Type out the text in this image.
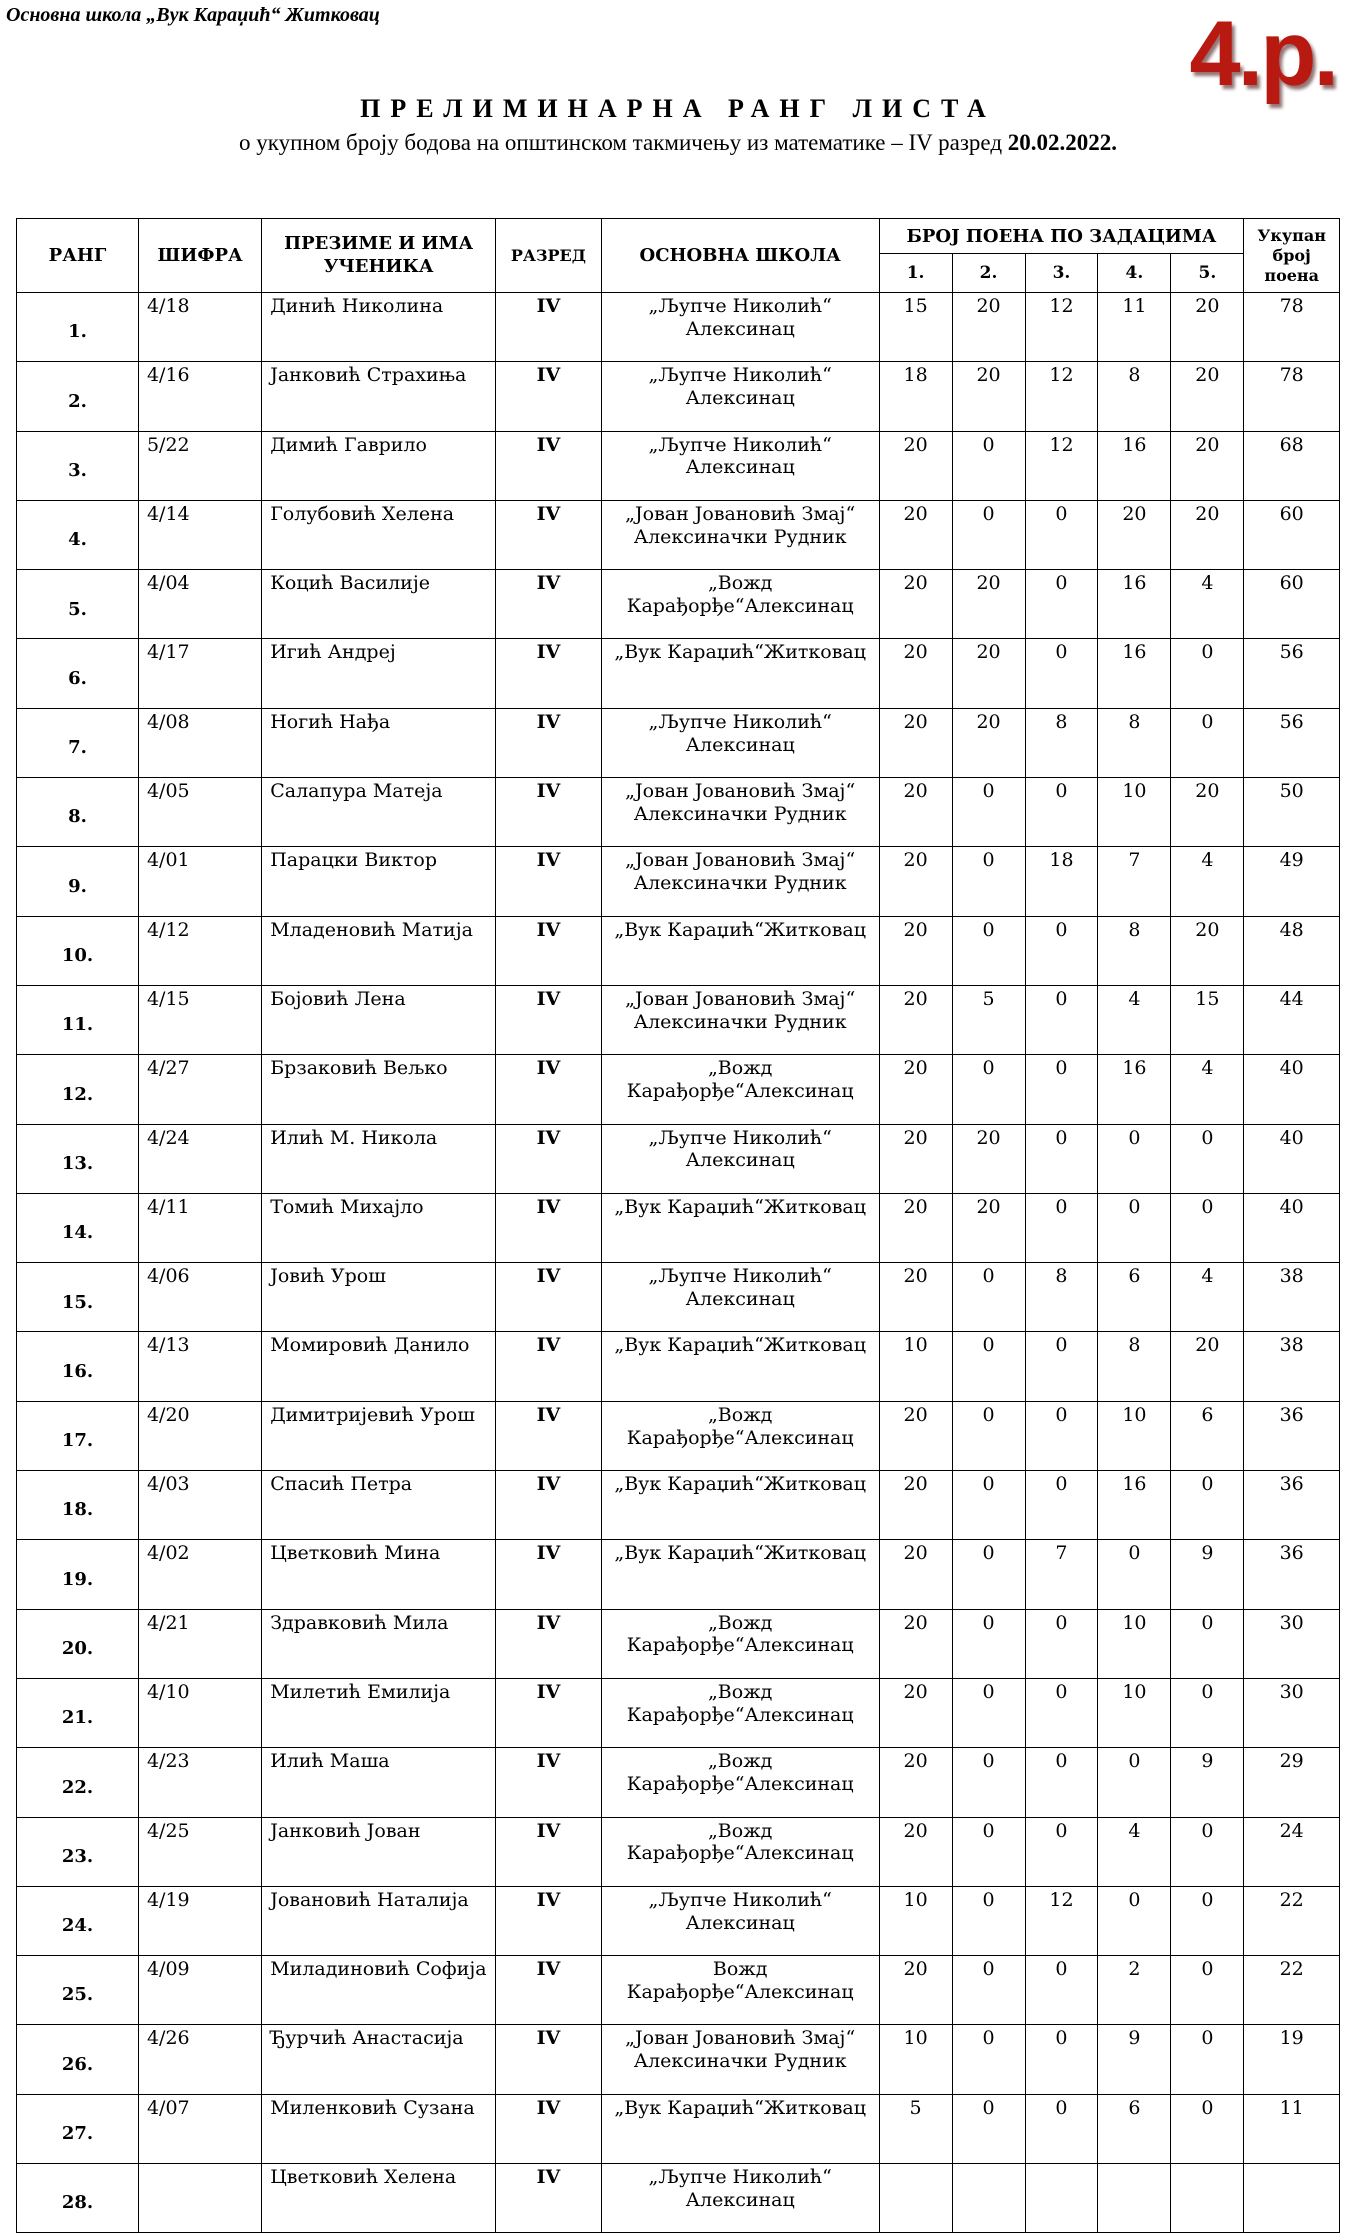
Основна школа „Вук Караџић“ Житковац	4.р.
ПРЕЛИМИНАРНА РАНГ ЛИСТА
о укупном броју бодова на општинском такмичењу из математике – IV разред 20.02.2022.
РАНГ	ШИФРА	ПРЕЗИМЕ И ИМА УЧЕНИКА	РАЗРЕД	ОСНОВНА ШКОЛА	БРОЈ ПОЕНА ПО ЗАДАЦИМА					Укупан број поена
					1.	2.	3.	4.	5.	
1.	4/18	Динић Николина	IV	„Љупче Николић“ Алексинац	15	20	12	11	20	78
2.	4/16	Јанковић Страхиња	IV	„Љупче Николић“ Алексинац	18	20	12	8	20	78
3.	5/22	Димић Гаврило	IV	„Љупче Николић“ Алексинац	20	0	12	16	20	68
4.	4/14	Голубовић Хелена	IV	„Јован Јовановић Змај“ Алексиначки Рудник	20	0	0	20	20	60
5.	4/04	Коцић Василије	IV	„Вожд Карађорђе“Алексинац	20	20	0	16	4	60
6.	4/17	Игић Андреј	IV	„Вук Караџић“Житковац	20	20	0	16	0	56
7.	4/08	Ногић Нађа	IV	„Љупче Николић“ Алексинац	20	20	8	8	0	56
8.	4/05	Салапура Матеја	IV	„Јован Јовановић Змај“ Алексиначки Рудник	20	0	0	10	20	50
9.	4/01	Парацки Виктор	IV	„Јован Јовановић Змај“ Алексиначки Рудник	20	0	18	7	4	49
10.	4/12	Младеновић Матија	IV	„Вук Караџић“Житковац	20	0	0	8	20	48
11.	4/15	Бојовић Лена	IV	„Јован Јовановић Змај“ Алексиначки Рудник	20	5	0	4	15	44
12.	4/27	Брзаковић Вељко	IV	„Вожд Карађорђе“Алексинац	20	0	0	16	4	40
13.	4/24	Илић М. Никола	IV	„Љупче Николић“ Алексинац	20	20	0	0	0	40
14.	4/11	Томић Михајло	IV	„Вук Караџић“Житковац	20	20	0	0	0	40
15.	4/06	Јовић Урош	IV	„Љупче Николић“ Алексинац	20	0	8	6	4	38
16.	4/13	Момировић Данило	IV	„Вук Караџић“Житковац	10	0	0	8	20	38
17.	4/20	Димитријевић Урош	IV	„Вожд Карађорђе“Алексинац	20	0	0	10	6	36
18.	4/03	Спасић Петра	IV	„Вук Караџић“Житковац	20	0	0	16	0	36
19.	4/02	Цветковић Мина	IV	„Вук Караџић“Житковац	20	0	7	0	9	36
20.	4/21	Здравковић Мила	IV	„Вожд Карађорђе“Алексинац	20	0	0	10	0	30
21.	4/10	Милетић Емилија	IV	„Вожд Карађорђе“Алексинац	20	0	0	10	0	30
22.	4/23	Илић Маша	IV	„Вожд Карађорђе“Алексинац	20	0	0	0	9	29
23.	4/25	Јанковић Јован	IV	„Вожд Карађорђе“Алексинац	20	0	0	4	0	24
24.	4/19	Јовановић Наталија	IV	„Љупче Николић“ Алексинац	10	0	12	0	0	22
25.	4/09	Миладиновић Софија	IV	Вожд Карађорђе“Алексинац	20	0	0	2	0	22
26.	4/26	Ђурчић Анастасија	IV	„Јован Јовановић Змај“ Алексиначки Рудник	10	0	0	9	0	19
27.	4/07	Миленковић Сузана	IV	„Вук Караџић“Житковац	5	0	0	6	0	11
28.		Цветковић Хелена	IV	„Љупче Николић“ Алексинац						
